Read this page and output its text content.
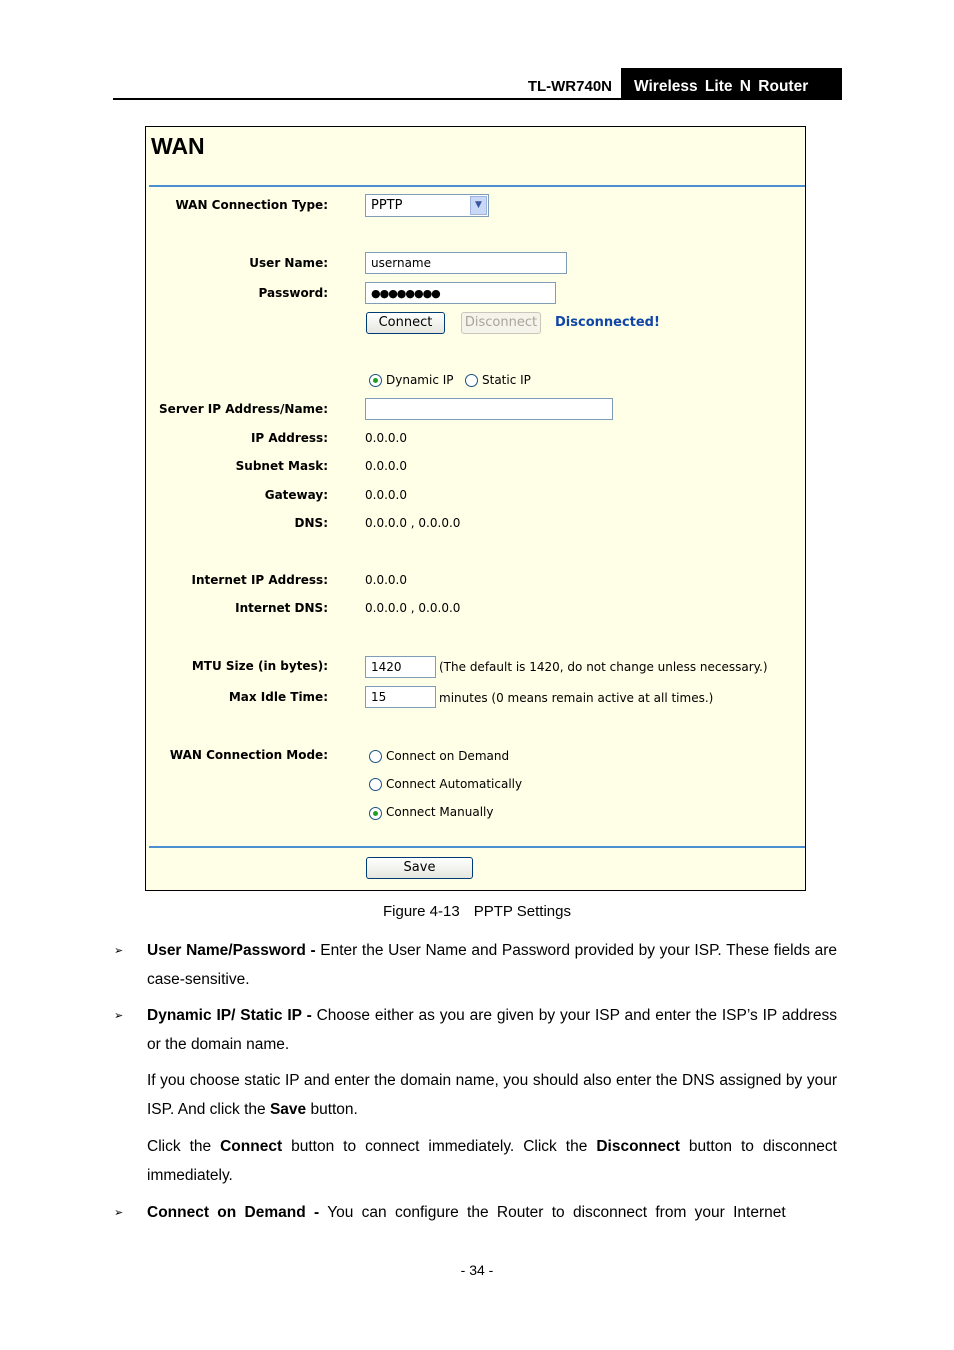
TL-WR740N	Wireless Lite N Router
WAN
WAN Connection Type:	PPTP	▼
User Name:	username
Password:	●●●●●●●●
Connect	Disconnect Disconnected!
Dynamic IP Static IP
Server IP Address/Name:
IP Address:	0.0.0.0
Subnet Mask:	0.0.0.0
Gateway:	0.0.0.0
DNS:	0.0.0.0 , 0.0.0.0
Internet IP Address:	0.0.0.0
Internet DNS:	0.0.0.0 , 0.0.0.0
MTU Size (in bytes):	1420	(The default is 1420, do not change unless necessary.)
Max Idle Time:	15	minutes (0 means remain active at all times.)
WAN Connection Mode:	Connect on Demand
Connect Automatically
Connect Manually
Save
Figure 4-13 PPTP Settings
➢ User Name/Password - Enter the User Name and Password provided by your ISP. These fields are case-sensitive.
➢ Dynamic IP/ Static IP - Choose either as you are given by your ISP and enter the ISP’s IP address or the domain name.
If you choose static IP and enter the domain name, you should also enter the DNS assigned by your ISP. And click the Save button.
Click the Connect button to connect immediately. Click the Disconnect button to disconnect immediately.
➢ Connect on Demand - You can configure the Router to disconnect from your Internet
- 34 -
